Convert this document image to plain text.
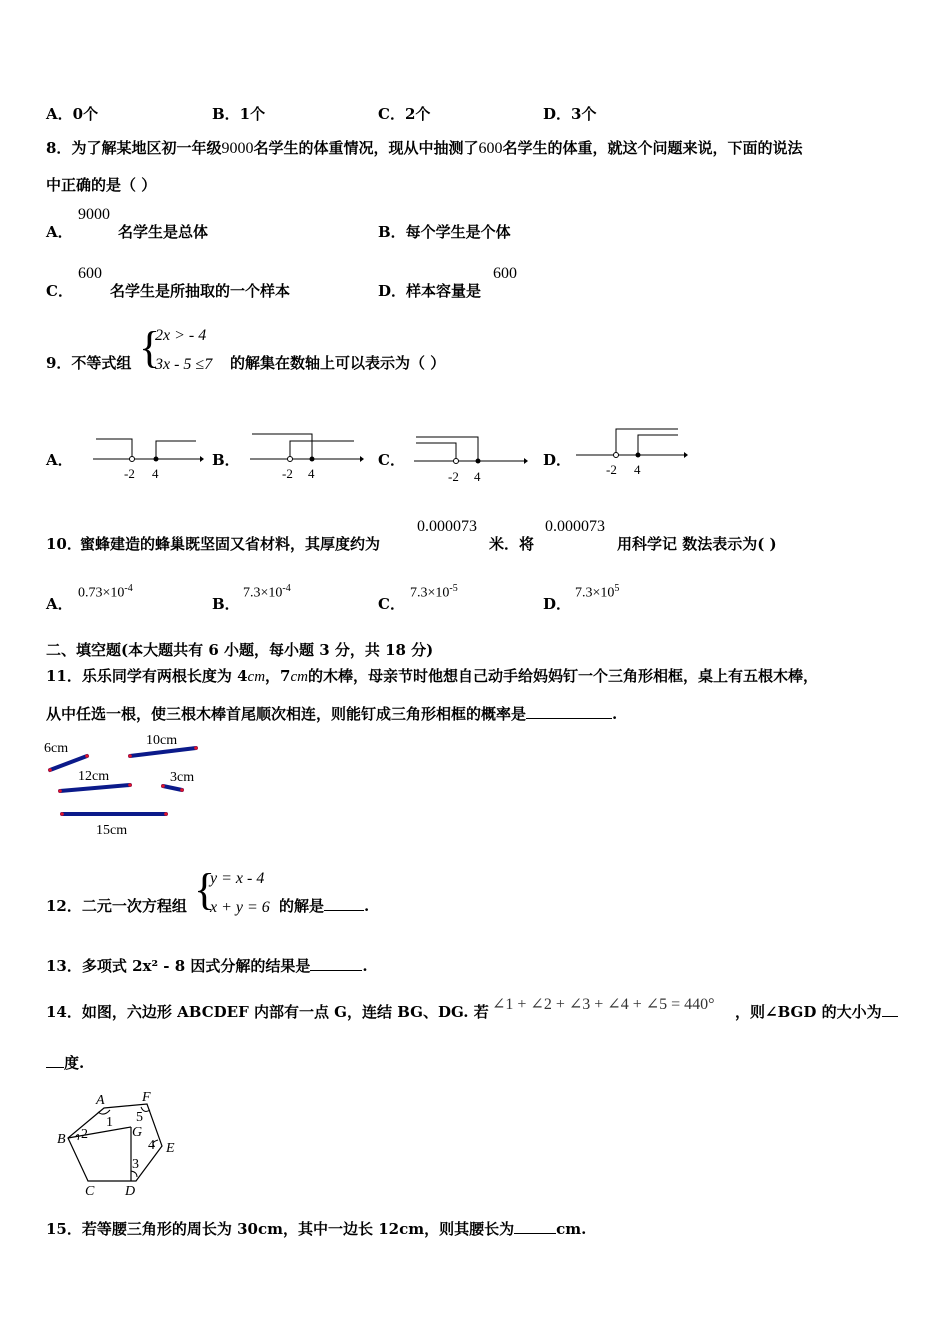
A．0个	B．1个	C．2个	D．3个
8．为了解某地区初一年级9000名学生的体重情况，现从中抽测了600名学生的体重，就这个问题来说，下面的说法
中正确的是（ ）
A．
9000
名学生是总体	B．每个学生是个体
C．
600
名学生是所抽取的一个样本	D．样本容量是
600
9．不等式组 {
2x > - 4
3x - 5 ≤7 的解集在数轴上可以表示为（ ）
A．
-2 4
B．
-2 4
C．
-2 4
D．
-2 4
10．
蜜蜂建造的蜂巢既坚固又省材料，其厚度约为
0.000073
米．将
0.000073
用科学记 数法表示为( )
A．
$0.73\times 10^{-4}$
B．
$7.3\times 10^{-4}$
C．
$7.3\times 10^{-5}$
D．
$7.3\times 10^5$
二、填空题(本大题共有 6 小题，每小题 3 分，共 18 分)
11．乐乐同学有两根长度为 4cm，7cm的木棒，母亲节时他想自己动手给妈妈钉一个三角形相框，桌上有五根木棒，
从中任选一根，使三根木棒首尾顺次相连，则能钉成三角形相框的概率是	.
6cm
10cm
12cm	3cm
15cm
12．二元一次方程组 {
y = x - 4
x + y = 6 的解是	.
13．多项式 2x² - 8 因式分解的结果是	.
14．如图，六边形 ABCDEF 内部有一点 G，连结 BG、DG. 若 ∠1 + ∠2 + ∠3 + ∠4 + ∠5 = 440° ，则∠BGD 的大小为
度.
A	F
B
C D
E
G
1
2
3
4
5
15．若等腰三角形的周长为 30cm，其中一边长 12cm，则其腰长为	cm.
